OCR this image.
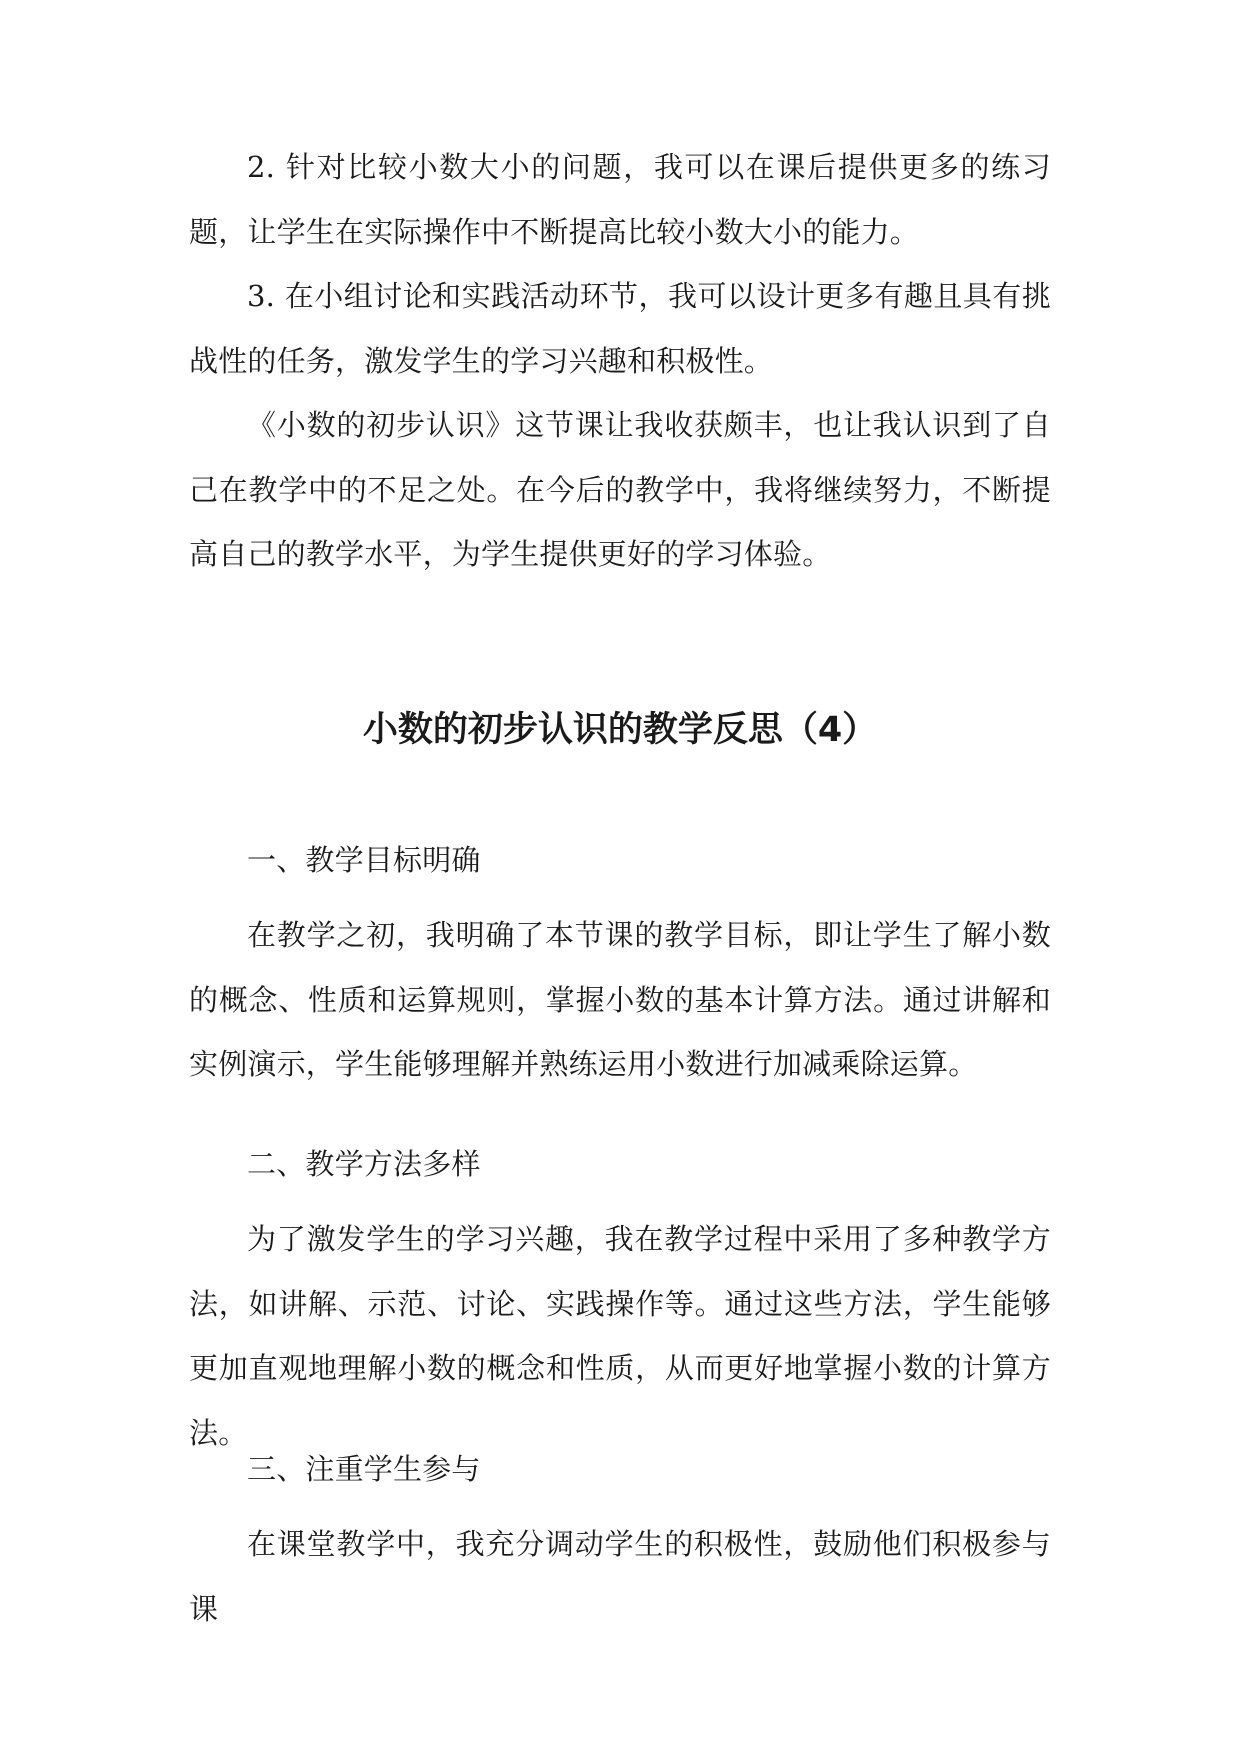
2. 针对比较小数大小的问题，我可以在课后提供更多的练习题，让学生在实际操作中不断提高比较小数大小的能力。

3. 在小组讨论和实践活动环节，我可以设计更多有趣且具有挑战性的任务，激发学生的学习兴趣和积极性。

《小数的初步认识》这节课让我收获颇丰，也让我认识到了自己在教学中的不足之处。在今后的教学中，我将继续努力，不断提高自己的教学水平，为学生提供更好的学习体验。

小数的初步认识的教学反思（4）

一、教学目标明确

在教学之初，我明确了本节课的教学目标，即让学生了解小数的概念、性质和运算规则，掌握小数的基本计算方法。通过讲解和实例演示，学生能够理解并熟练运用小数进行加减乘除运算。

二、教学方法多样

为了激发学生的学习兴趣，我在教学过程中采用了多种教学方法，如讲解、示范、讨论、实践操作等。通过这些方法，学生能够更加直观地理解小数的概念和性质，从而更好地掌握小数的计算方法。

三、注重学生参与

在课堂教学中，我充分调动学生的积极性，鼓励他们积极参与课
